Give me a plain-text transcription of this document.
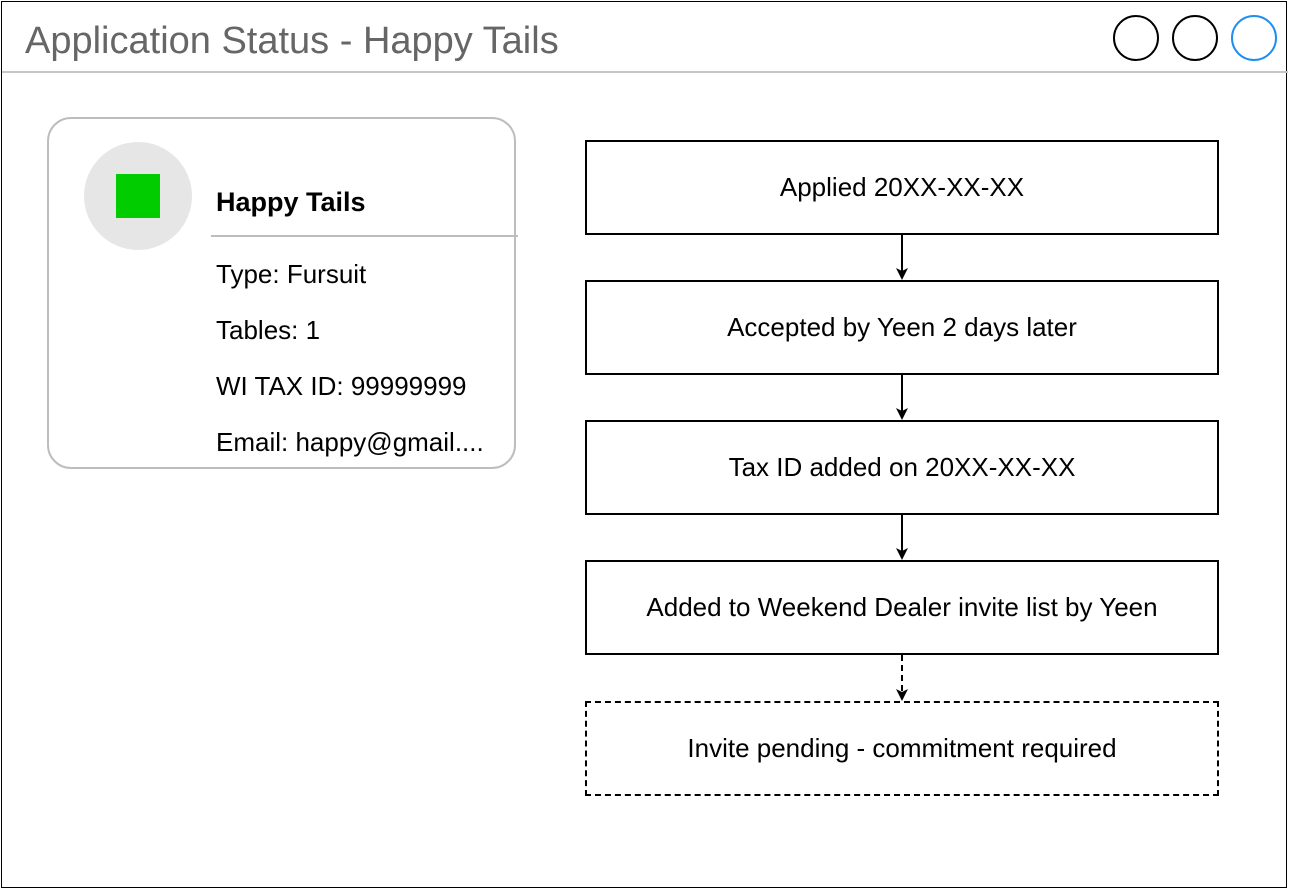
Application Status - Happy Tails
Happy Tails
Type: Fursuit
Tables: 1
WI TAX ID: 99999999
Email: happy@gmail....
Applied 20XX-XX-XX
Accepted by Yeen 2 days later
Tax ID added on 20XX-XX-XX
Added to Weekend Dealer invite list by Yeen
Invite pending - commitment required
